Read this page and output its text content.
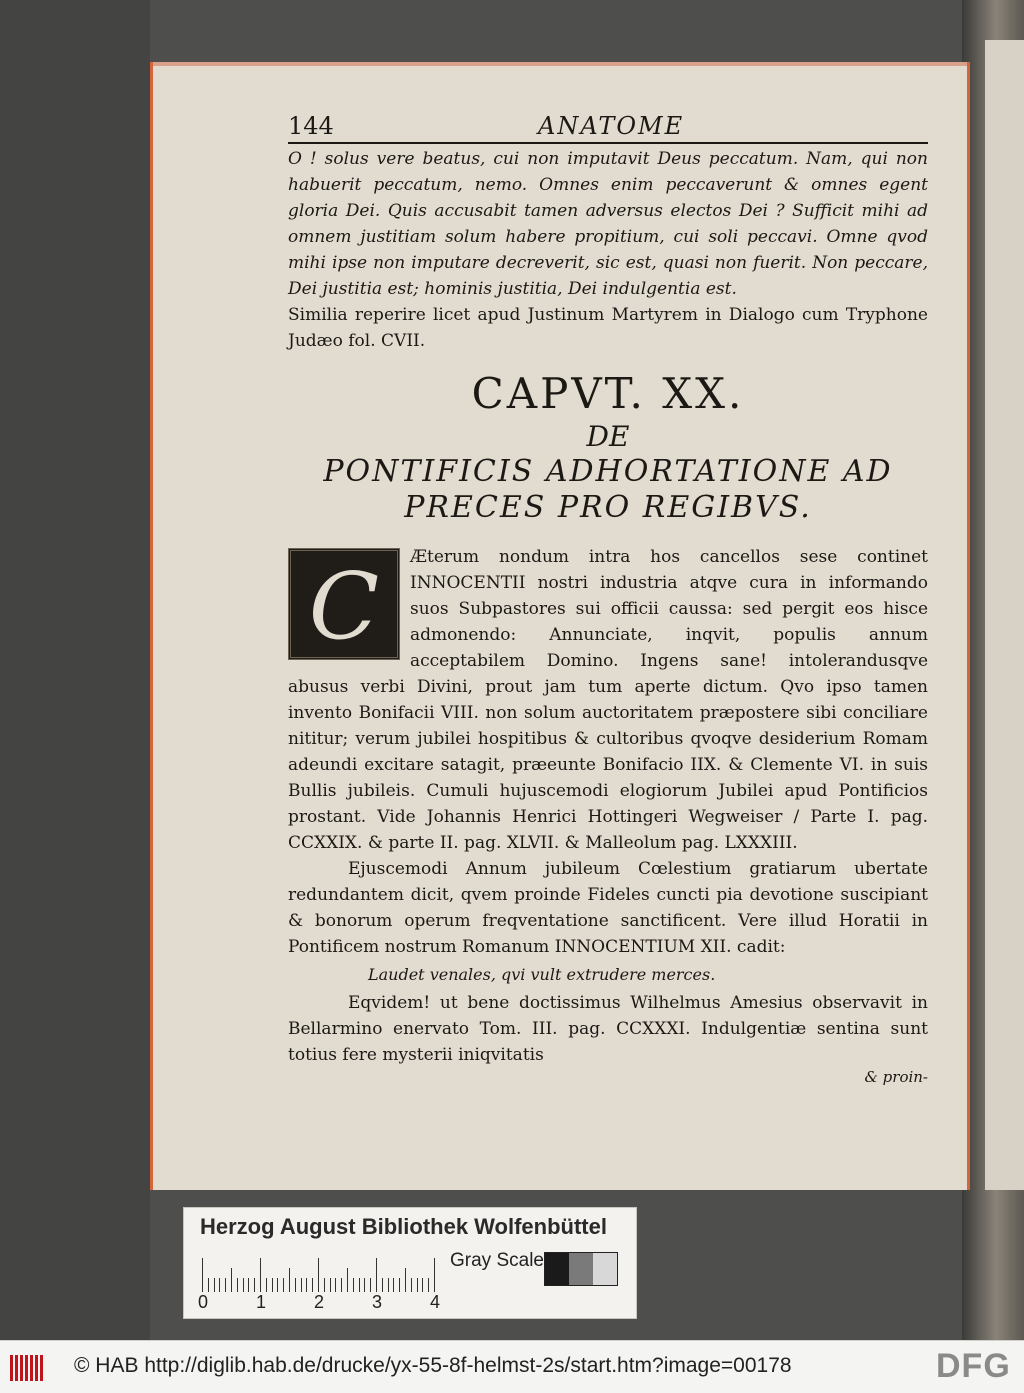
144	ANATOME

O ! solus vere beatus, cui non imputavit Deus peccatum. Nam, qui non habuerit peccatum, nemo. Omnes enim peccaverunt & omnes egent gloria Dei. Quis accusabit tamen adversus electos Dei ? Sufficit mihi ad omnem justitiam solum habere propitium, cui soli peccavi. Omne qvod mihi ipse non imputare decreverit, sic est, quasi non fuerit. Non peccare, Dei justitia est; hominis justitia, Dei indulgentia est.

Similia reperire licet apud Justinum Martyrem in Dialogo cum Tryphone Judæo fol. CVII.

CAPVT. XX.
DE
PONTIFICIS ADHORTATIONE AD
PRECES PRO REGIBVS.
C	Æterum nondum intra hos cancellos sese continet INNOCENTII nostri industria atqve cura in informando suos Subpastores sui officii caussa: sed pergit eos hisce admonendo: Annunciate, inqvit, populis annum acceptabilem Domino. Ingens sane! intolerandusqve abusus verbi Divini, prout jam tum aperte dictum. Qvo ipso tamen invento Bonifacii VIII. non solum auctoritatem præpostere sibi conciliare nititur; verum jubilei hospitibus & cultoribus qvoqve desiderium Romam adeundi excitare satagit, præeunte Bonifacio IIX. & Clemente VI. in suis Bullis jubileis. Cumuli hujuscemodi elogiorum Jubilei apud Pontificios prostant. Vide Johannis Henrici Hottingeri Wegweiser / Parte I. pag. CCXXIX. & parte II. pag. XLVII. & Malleolum pag. LXXXIII.

Ejuscemodi Annum jubileum Cœlestium gratiarum ubertate redundantem dicit, qvem proinde Fideles cuncti pia devotione suscipiant & bonorum operum freqventatione sanctificent. Vere illud Horatii in Pontificem nostrum Romanum INNOCENTIUM XII. cadit:

Laudet venales, qvi vult extrudere merces.

Eqvidem! ut bene doctissimus Wilhelmus Amesius observavit in Bellarmino enervato Tom. III. pag. CCXXXI. Indulgentiæ sentina sunt totius fere mysterii iniqvitatis

& proin-

Herzog August Bibliothek Wolfenbüttel
Gray Scale
0	1	2	3	4
© HAB http://diglib.hab.de/drucke/yx-55-8f-helmst-2s/start.htm?image=00178	DFG
